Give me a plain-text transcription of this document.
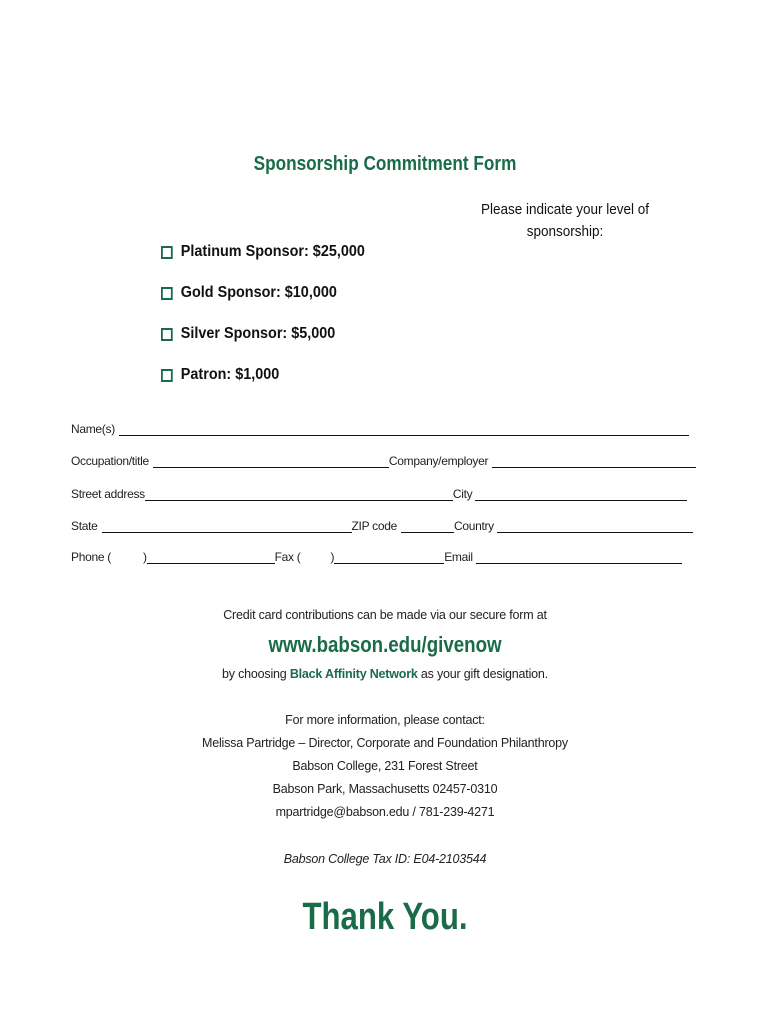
Sponsorship Commitment Form
Please indicate your level of sponsorship:
Platinum Sponsor: $25,000
Gold Sponsor: $10,000
Silver Sponsor: $5,000
Patron: $1,000
Name(s)
Occupation/title	Company/employer
Street address	City
State	ZIP code	Country
Phone (	)	Fax (	)	Email
Credit card contributions can be made via our secure form at
www.babson.edu/givenow
by choosing Black Affinity Network as your gift designation.
For more information, please contact:
Melissa Partridge – Director, Corporate and Foundation Philanthropy
Babson College, 231 Forest Street
Babson Park, Massachusetts 02457-0310
mpartridge@babson.edu / 781-239-4271
Babson College Tax ID: E04-2103544
Thank You.
